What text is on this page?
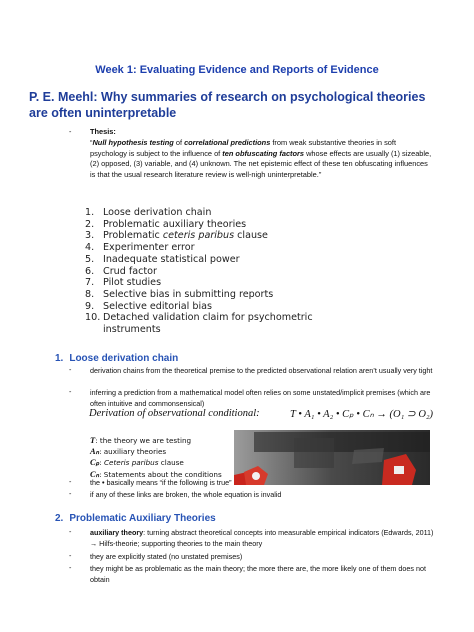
Week 1: Evaluating Evidence and Reports of Evidence
P. E. Meehl: Why summaries of research on psychological theories are often uninterpretable
-	Thesis:
“Null hypothesis testing of correlational predictions from weak substantive theories in soft psychology is subject to the influence of ten obfuscating factors whose effects are usually (1) sizeable, (2) opposed, (3) variable, and (4) unknown. The net epistemic effect of these ten obfuscating influences is that the usual research literature review is well-nigh uninterpretable.”
1. Loose derivation chain
2. Problematic auxiliary theories
3. Problematic ceteris paribus clause
4. Experimenter error
5. Inadequate statistical power
6. Crud factor
7. Pilot studies
8. Selective bias in submitting reports
9. Selective editorial bias
10. Detached validation claim for psychometric instruments
1. Loose derivation chain
-	derivation chains from the theoretical premise to the predicted observational relation aren’t usually very tight
-	inferring a prediction from a mathematical model often relies on some unstated/implicit premises (which are often intuitive and commonsensical)
Derivation of observational conditional:	T • A₁ • A₂ • Cₚ • Cₙ → (O₁ ⊃ O₂)
T: the theory we are testing
Aₙ: auxiliary theories
Cₚ: Ceteris paribus clause
Cₙ: Statements about the conditions
-	the • basically means “if the following is true”
-	if any of these links are broken, the whole equation is invalid
2. Problematic Auxiliary Theories
-	auxiliary theory: turning abstract theoretical concepts into measurable empirical indicators (Edwards, 2011) → Hilfs-theorie; supporting theories to the main theory
-	they are explicitly stated (no unstated premises)
-	they might be as problematic as the main theory; the more there are, the more likely one of them does not obtain
